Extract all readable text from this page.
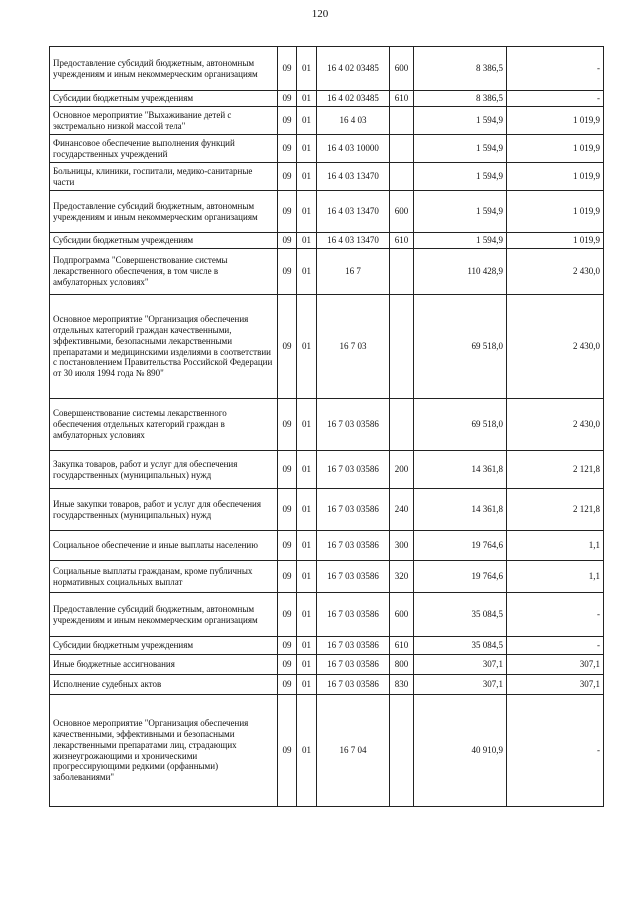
120
Предоставление субсидий бюджетным, автономным учреждениям и иным некоммерческим организациям	09	01	16 4 02 03485	600	8 386,5	-
Субсидии бюджетным учреждениям	09	01	16 4 02 03485	610	8 386,5	-
Основное мероприятие "Выхаживание детей с экстремально низкой массой тела"	09	01	16 4 03		1 594,9	1 019,9
Финансовое обеспечение выполнения функций государственных учреждений	09	01	16 4 03 10000		1 594,9	1 019,9
Больницы, клиники, госпитали, медико-санитарные части	09	01	16 4 03 13470		1 594,9	1 019,9
Предоставление субсидий бюджетным, автономным учреждениям и иным некоммерческим организациям	09	01	16 4 03 13470	600	1 594,9	1 019,9
Субсидии бюджетным учреждениям	09	01	16 4 03 13470	610	1 594,9	1 019,9
Подпрограмма "Совершенствование системы лекарственного обеспечения, в том числе в амбулаторных условиях"	09	01	16 7		110 428,9	2 430,0
Основное мероприятие "Организация обеспечения отдельных категорий граждан качественными, эффективными, безопасными лекарственными препаратами и медицинскими изделиями в соответствии с постановлением Правительства Российской Федерации от 30 июля 1994 года № 890"	09	01	16 7 03		69 518,0	2 430,0
Совершенствование системы лекарственного обеспечения отдельных категорий граждан в амбулаторных условиях	09	01	16 7 03 03586		69 518,0	2 430,0
Закупка товаров, работ и услуг для обеспечения государственных (муниципальных) нужд	09	01	16 7 03 03586	200	14 361,8	2 121,8
Иные закупки товаров, работ и услуг для обеспечения государственных (муниципальных) нужд	09	01	16 7 03 03586	240	14 361,8	2 121,8
Социальное обеспечение и иные выплаты населению	09	01	16 7 03 03586	300	19 764,6	1,1
Социальные выплаты гражданам, кроме публичных нормативных социальных выплат	09	01	16 7 03 03586	320	19 764,6	1,1
Предоставление субсидий бюджетным, автономным учреждениям и иным некоммерческим организациям	09	01	16 7 03 03586	600	35 084,5	-
Субсидии бюджетным учреждениям	09	01	16 7 03 03586	610	35 084,5	-
Иные бюджетные ассигнования	09	01	16 7 03 03586	800	307,1	307,1
Исполнение судебных актов	09	01	16 7 03 03586	830	307,1	307,1
Основное мероприятие "Организация обеспечения качественными, эффективными и безопасными лекарственными препаратами лиц, страдающих жизнеугрожающими и хроническими прогрессирующими редкими (орфанными) заболеваниями"	09	01	16 7 04		40 910,9	-
